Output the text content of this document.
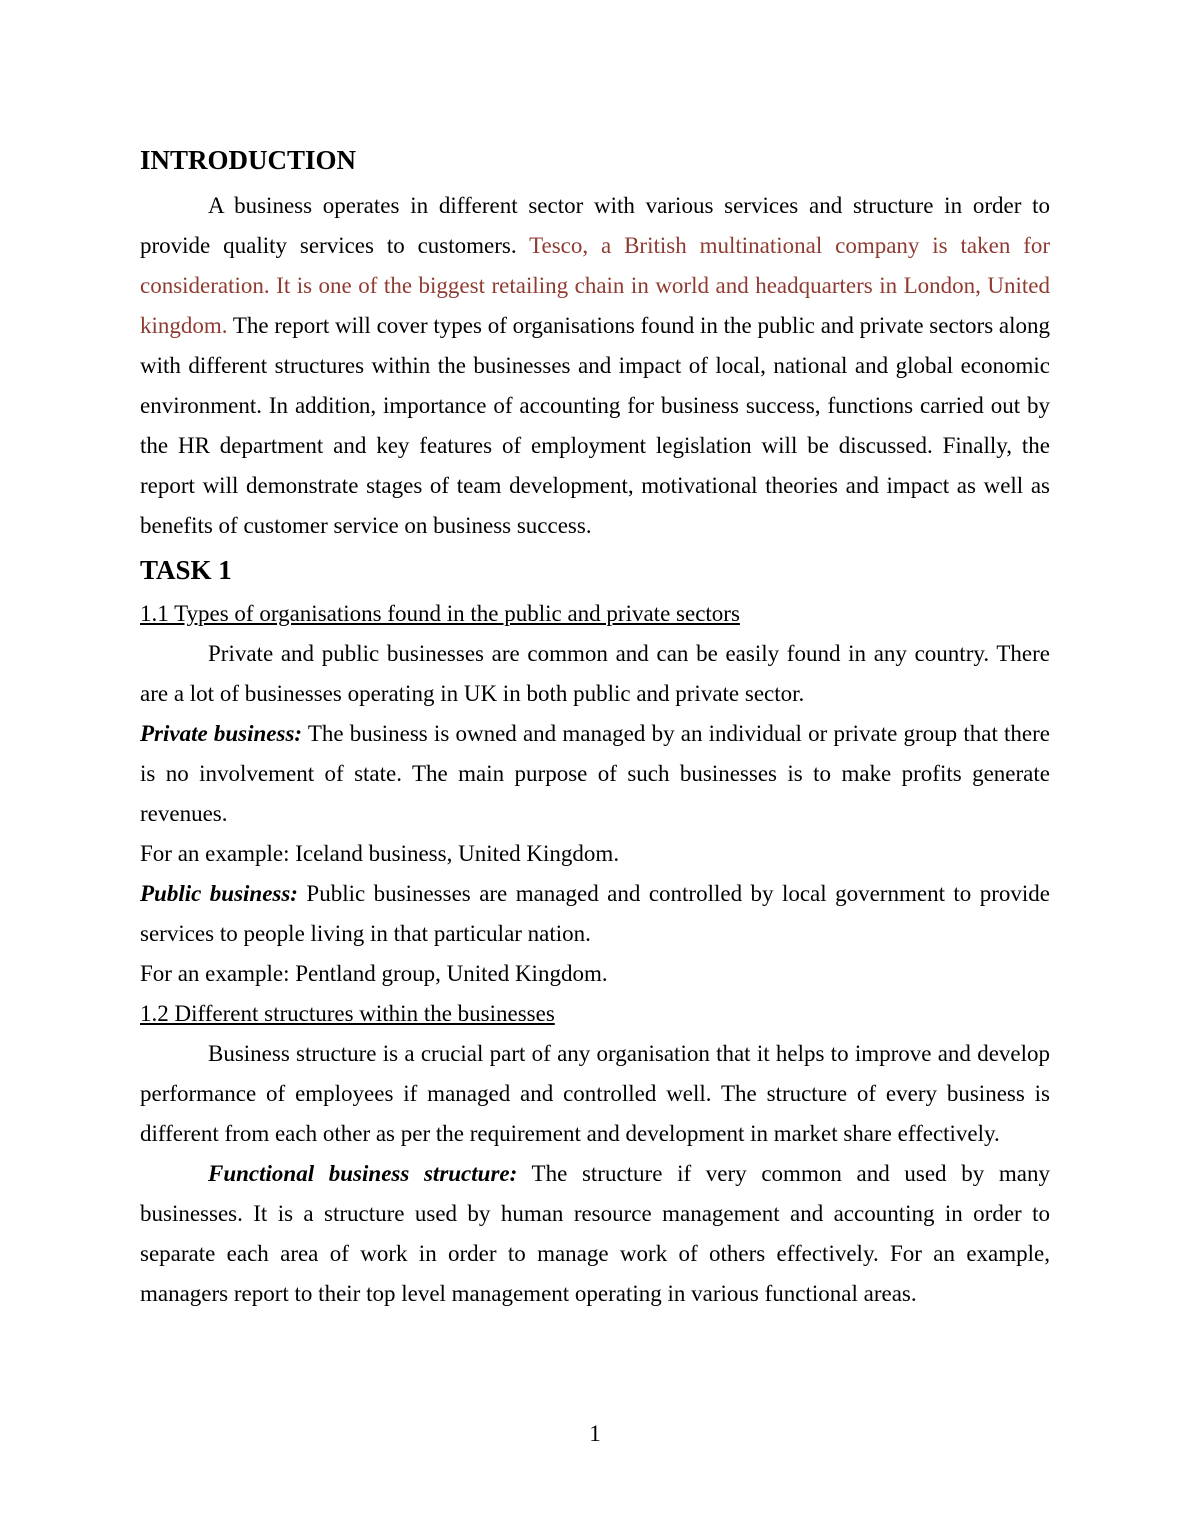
INTRODUCTION

A business operates in different sector with various services and structure in order to provide quality services to customers. Tesco, a British multinational company is taken for consideration. It is one of the biggest retailing chain in world and headquarters in London, United kingdom. The report will cover types of organisations found in the public and private sectors along with different structures within the businesses and impact of local, national and global economic environment. In addition, importance of accounting for business success, functions carried out by the HR department and key features of employment legislation will be discussed. Finally, the report will demonstrate stages of team development, motivational theories and impact as well as benefits of customer service on business success.

TASK 1

1.1 Types of organisations found in the public and private sectors

Private and public businesses are common and can be easily found in any country. There are a lot of businesses operating in UK in both public and private sector.

Private business: The business is owned and managed by an individual or private group that there is no involvement of state. The main purpose of such businesses is to make profits generate revenues.

For an example: Iceland business, United Kingdom.

Public business: Public businesses are managed and controlled by local government to provide services to people living in that particular nation.

For an example: Pentland group, United Kingdom.

1.2 Different structures within the businesses

Business structure is a crucial part of any organisation that it helps to improve and develop performance of employees if managed and controlled well. The structure of every business is different from each other as per the requirement and development in market share effectively.

Functional business structure: The structure if very common and used by many businesses. It is a structure used by human resource management and accounting in order to separate each area of work in order to manage work of others effectively. For an example, managers report to their top level management operating in various functional areas.

1
